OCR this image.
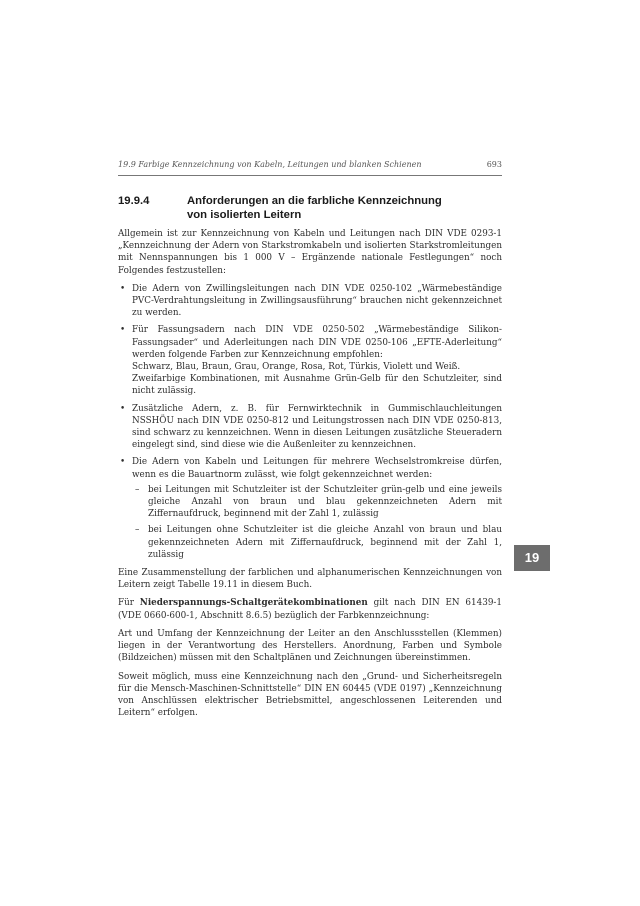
19.9 Farbige Kennzeichnung von Kabeln, Leitungen und blanken Schienen	693
19.9.4	Anforderungen an die farbliche Kennzeichnung
von isolierten Leitern

Allgemein ist zur Kennzeichnung von Kabeln und Leitungen nach DIN VDE 0293-1 „Kennzeichnung der Adern von Starkstromkabeln und isolierten Starkstromleitungen mit Nennspannungen bis 1 000 V – Ergänzende nationale Festlegungen“ noch Folgendes festzustellen:

• Die Adern von Zwillingsleitungen nach DIN VDE 0250-102 „Wärmebeständige PVC-Verdrahtungsleitung in Zwillingsausführung“ brauchen nicht gekennzeichnet zu werden.
• Für Fassungsadern nach DIN VDE 0250-502 „Wärmebeständige Silikon-Fassungsader“ und Aderleitungen nach DIN VDE 0250-106 „EFTE-Aderleitung“ werden folgende Farben zur Kennzeichnung empfohlen:
Schwarz, Blau, Braun, Grau, Orange, Rosa, Rot, Türkis, Violett und Weiß.
Zweifarbige Kombinationen, mit Ausnahme Grün-Gelb für den Schutzleiter, sind nicht zulässig.
• Zusätzliche Adern, z. B. für Fernwirktechnik in Gummischlauchleitungen NSSHÖU nach DIN VDE 0250-812 und Leitungstrossen nach DIN VDE 0250-813, sind schwarz zu kennzeichnen. Wenn in diesen Leitungen zusätzliche Steueradern eingelegt sind, sind diese wie die Außenleiter zu kennzeichnen.
• Die Adern von Kabeln und Leitungen für mehrere Wechselstromkreise dürfen, wenn es die Bauartnorm zulässt, wie folgt gekennzeichnet werden:
– bei Leitungen mit Schutzleiter ist der Schutzleiter grün-gelb und eine jeweils gleiche Anzahl von braun und blau gekennzeichneten Adern mit Ziffernaufdruck, beginnend mit der Zahl 1, zulässig
– bei Leitungen ohne Schutzleiter ist die gleiche Anzahl von braun und blau gekennzeichneten Adern mit Ziffernaufdruck, beginnend mit der Zahl 1, zulässig

Eine Zusammenstellung der farblichen und alphanumerischen Kennzeichnungen von Leitern zeigt Tabelle 19.11 in diesem Buch.

Für Niederspannungs-Schaltgerätekombinationen gilt nach DIN EN 61439-1 (VDE 0660-600-1, Abschnitt 8.6.5) bezüglich der Farbkennzeichnung:

Art und Umfang der Kennzeichnung der Leiter an den Anschlussstellen (Klemmen) liegen in der Verantwortung des Herstellers. Anordnung, Farben und Symbole (Bildzeichen) müssen mit den Schaltplänen und Zeichnungen übereinstimmen.

Soweit möglich, muss eine Kennzeichnung nach den „Grund- und Sicherheitsregeln für die Mensch-Maschinen-Schnittstelle“ DIN EN 60445 (VDE 0197) „Kennzeichnung von Anschlüssen elektrischer Betriebsmittel, angeschlossenen Leiterenden und Leitern“ erfolgen.

19
